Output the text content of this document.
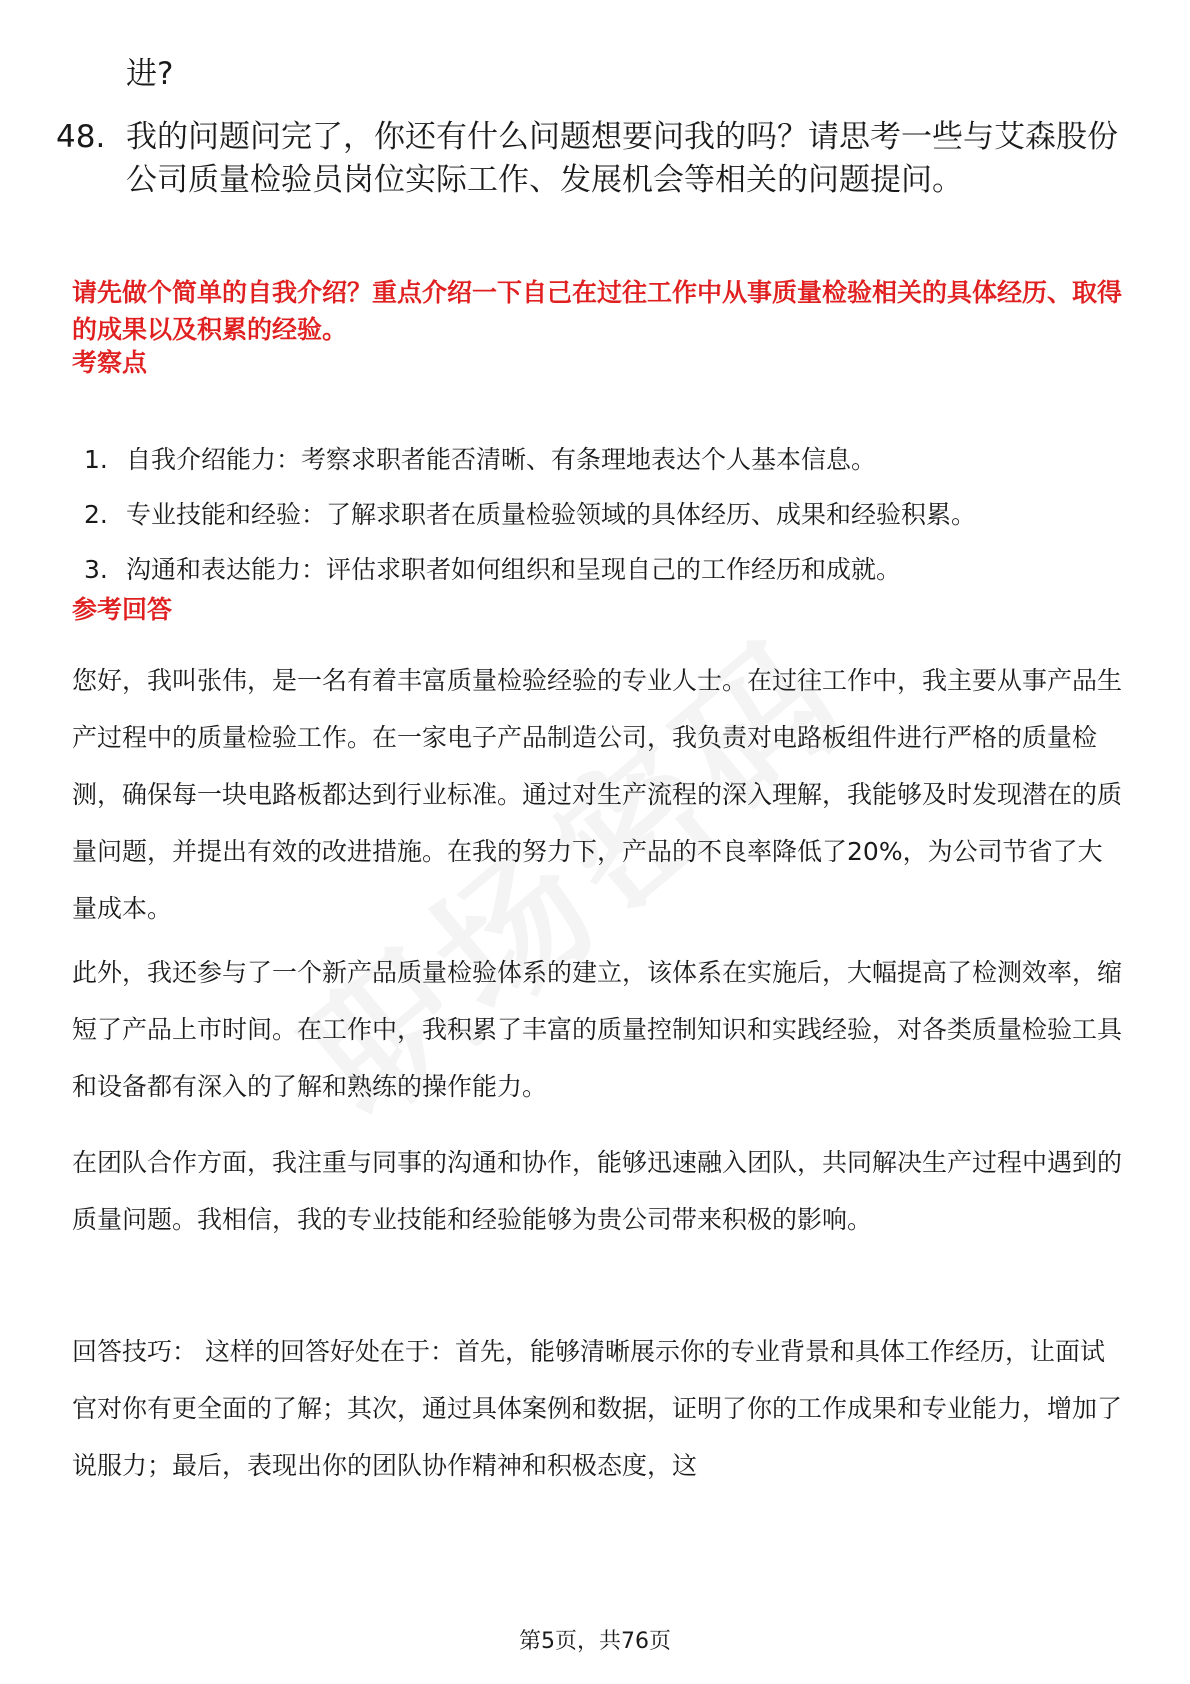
进?
48. 我的问题问完了，你还有什么问题想要问我的吗？请思考一些与艾森股份公司质量检验员岗位实际工作、发展机会等相关的问题提问。
请先做个简单的自我介绍？重点介绍一下自己在过往工作中从事质量检验相关的具体经历、取得的成果以及积累的经验。
考察点
1. 自我介绍能力：考察求职者能否清晰、有条理地表达个人基本信息。
2. 专业技能和经验：了解求职者在质量检验领域的具体经历、成果和经验积累。
3. 沟通和表达能力：评估求职者如何组织和呈现自己的工作经历和成就。
参考回答
您好，我叫张伟，是一名有着丰富质量检验经验的专业人士。在过往工作中，我主要从事产品生产过程中的质量检验工作。在一家电子产品制造公司，我负责对电路板组件进行严格的质量检测，确保每一块电路板都达到行业标准。通过对生产流程的深入理解，我能够及时发现潜在的质量问题，并提出有效的改进措施。在我的努力下，产品的不良率降低了20%，为公司节省了大量成本。
此外，我还参与了一个新产品质量检验体系的建立，该体系在实施后，大幅提高了检测效率，缩短了产品上市时间。在工作中，我积累了丰富的质量控制知识和实践经验，对各类质量检验工具和设备都有深入的了解和熟练的操作能力。
在团队合作方面，我注重与同事的沟通和协作，能够迅速融入团队，共同解决生产过程中遇到的质量问题。我相信，我的专业技能和经验能够为贵公司带来积极的影响。
回答技巧： 这样的回答好处在于：首先，能够清晰展示你的专业背景和具体工作经历，让面试官对你有更全面的了解；其次，通过具体案例和数据，证明了你的工作成果和专业能力，增加了说服力；最后，表现出你的团队协作精神和积极态度，这
第5页，共76页
